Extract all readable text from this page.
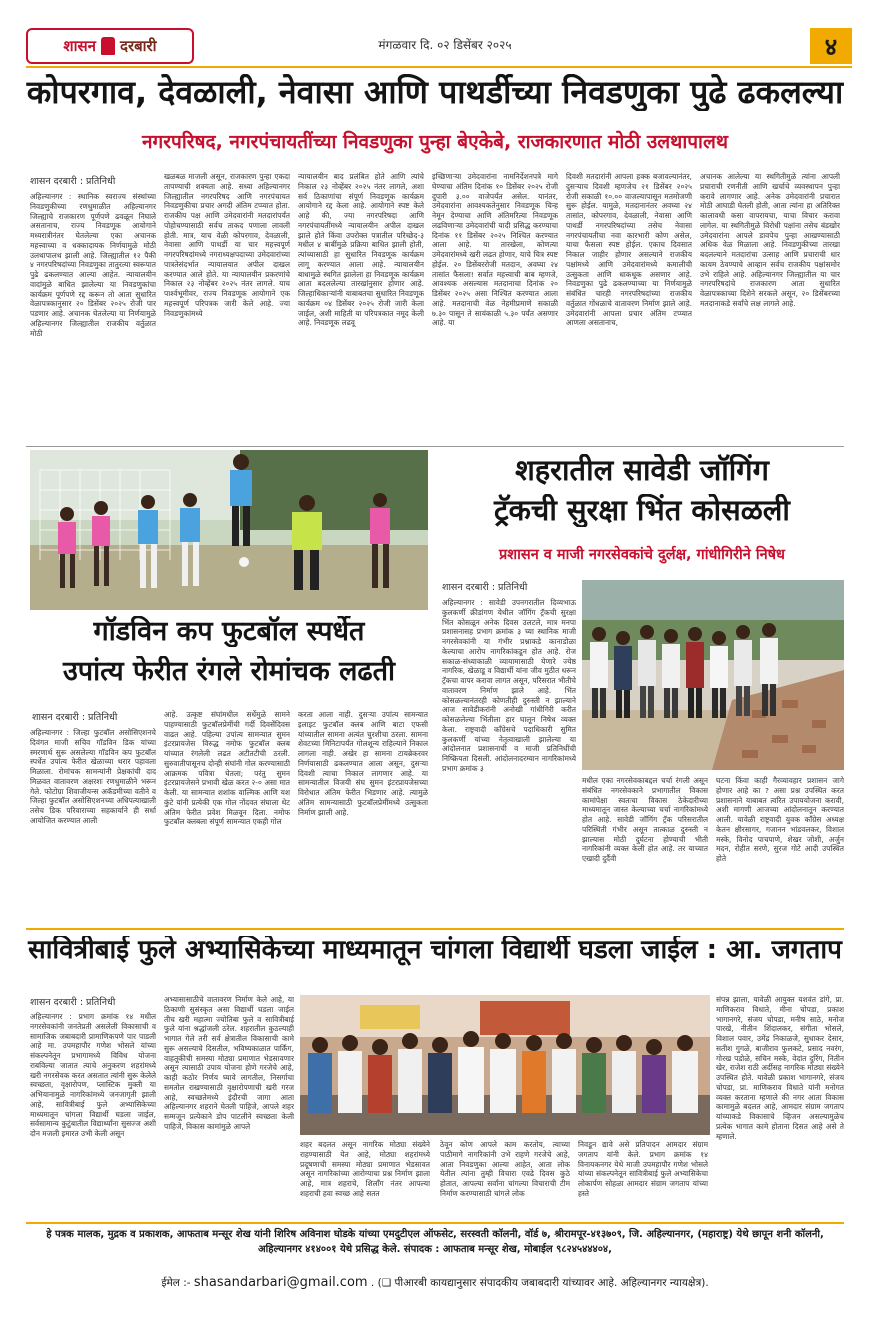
शासन दरबारी	मंगळवार दि. ०२ डिसेंबर २०२५	४
कोपरगाव, देवळाली, नेवासा आणि पाथर्डीच्या निवडणुका पुढे ढकलल्या
नगरपरिषद, नगरपंचायतींच्या निवडणुका पुन्हा बेएकेबे, राजकारणात मोठी उलथापालथ
शासन दरबारी : प्रतिनिधी
अहिल्यानगर : स्थानिक स्वराज्य संस्थांच्या निवडणुकीच्या रणधुमाळीत अहिल्यानगर जिल्ह्याचे राजकारण पूर्णपणे ढवळून निघाले असतानाच, राज्य निवडणूक आयोगाने मध्यरात्रीनंतर घेतलेल्या एका अचानक महत्त्वाच्या व धक्कादायक निर्णयामुळे मोठी उलथापालथ झाली आहे. जिल्ह्यातील १२ पैकी ४ नगरपरिषदांच्या निवडणुका तातुरत्या स्वरूपात पुढे ढकलण्यात आल्या आहेत. न्यायालयीन वादांमुळे बाधित झालेल्या या निवडणुकांचा कार्यक्रम पूर्णपणे रद्द करून तो आता सुधारित वेळापत्रकानुसार २० डिसेंबर २०२५ रोजी पार पडणार आहे. अचानक घेतलेल्या या निर्णयामुळे अहिल्यानगर जिल्ह्यातील राजकीय वर्तुळात मोठी
खळबळ माजली असून, राजकारण पुन्हा एकदा तापण्याची शक्यता आहे. सध्या अहिल्यानगर जिल्ह्यातील नगरपरिषद आणि नगरपंचायत निवडणुकीचा प्रचार अगदी अंतिम टप्प्यात होता. राजकीय पक्ष आणि उमेदवारांनी मतदारांपर्यंत पोहोचण्यासाठी सर्वच ताकद पणाला लावली होती. मात्र, याच वेळी कोपरगाव, देवळाली, नेवासा आणि पाथर्डी या चार महत्त्वपूर्ण नगरपरिषदांमध्ये नगराध्यक्षपदाच्या उमेदवारांच्या पात्रतेसंदर्भात न्यायालयात अपील दाखल करण्यात आले होते. या न्यायालयीन प्रकरणांचे निकाल २३ नोव्हेंबर २०२५ नंतर लागले. याच पार्श्वभूमीवर, राज्य निवडणूक आयोगाने एक महत्त्वपूर्ण परिपत्रक जारी केले आहे. ज्या निवडणुकांमध्ये
न्यायालयीन बाद प्रलंबित होते आणि त्यांचे निकाल २३ नोव्हेंबर २०२५ नंतर लागले, अशा सर्व ठिकाणांचा संपूर्ण निवडणूक कार्यक्रम आयोगाने रद्द केला आहे. आयोगाने स्पष्ट केले आहे की, ज्या नगरपरिषदा आणि नगरपंचायतींमध्ये न्यायालयीन अपील दाखल झाले होते किंवा उपरोक्त पत्रातील परिच्छेद-३ मधील ४ बाबींमुळे प्रक्रिया बाधित झाली होती, त्यांच्यासाठी हा सुधारित निवडणूक कार्यक्रम लागू करण्यात आला आहे. न्यायालयीन बाधामुळे स्थगित झालेला हा निवडणूक कार्यक्रम आता बदललेल्या तारखांनुसार होणार आहे. जिल्हाधिकाऱ्यांनी याबाबतचा सुधारित निवडणूक कार्यक्रम ०४ डिसेंबर २०२५ रोजी जारी केला जाईल, अशी माहिती या परिपत्रकात नमूद केली आहे. निवडणूक लढवू
इच्छिणाऱ्या उमेदवारांना नामनिर्देशनपत्रे मागे घेण्याचा अंतिम दिनांक १० डिसेंबर २०२५ रोजी दुपारी ३.०० वाजेपर्यंत असेल. यानंतर, उमेदवारांना आवश्यकतेनुसार निवडणूक चिन्ह नेमून देण्याचा आणि अंतिमरित्या निवडणूक लढविणाऱ्या उमेदवारांची यादी प्रसिद्ध करण्याचा दिनांक ११ डिसेंबर २०२५ निश्चित करण्यात आला आहे. या तारखेला, कोणत्या उमेदवारांमध्ये खरी लढत होणार, याचे चित्र स्पष्ट होईल. २० डिसेंबररोजी मतदान, अवघ्या २४ तासांत फैसला! सर्वात महत्त्वाची बाब म्हणजे, आवश्यक असल्यास मतदानाचा दिनांक २० डिसेंबर २०२५ असा निश्चित करण्यात आला आहे. मतदानाची वेळ नेहमीप्रमाणे सकाळी ७.३० पासून ते सायंकाळी ५.३० पर्यंत असणार आहे. या
दिवशी मतदारांनी आपला हक्क बजावल्यानंतर, दुसऱ्याच दिवशी म्हणजेच २१ डिसेंबर २०२५ रोजी सकाळी १०.०० वाजल्यापासून मतमोजणी सुरू होईल. यामुळे, मतदानानंतर अवघ्या २४ तासांत, कोपरगाव, देवळाली, नेवासा आणि पाथर्डी नगरपरिषदांच्या तसेच नेवासा नगरपंचायतीचा नवा कारभारी कोण असेल, याचा फैसला स्पष्ट होईल. एकाच दिवसात निकाल जाहीर होणार असल्याने राजकीय पक्षांमध्ये आणि उमेदवारांमध्ये कमालीची उत्सुकता आणि धाकधूक असणार आहे. निवडणुका पुढे ढकलण्याच्या या निर्णयामुळे संबंधित चारही नगरपरिषदांच्या राजकीय वर्तुळात गोंधळाचे वातावरण निर्माण झाले आहे. उमेदवारांनी आपला प्रचार अंतिम टप्प्यात आणला असतानाच,
अचानक आलेल्या या स्थगितीमुळे त्यांना आपली प्रचाराची रणनीती आणि खर्चाचे व्यवस्थापन पुन्हा करावे लागणार आहे. अनेक उमेदवारांनी प्रचारात मोठी आघाडी घेतली होती, आता त्यांना हा अतिरिक्त कालावधी कसा वापरायचा, याचा विचार करावा लागेल. या स्थगितीमुळे विरोधी पक्षांना तसेच बंडखोर उमेदवारांना आपले डावपेच पुन्हा आखण्यासाठी अधिक वेळ मिळाला आहे. निवडणुकीच्या तारखा बदलल्याने मतदारांचा उत्साह आणि प्रचाराची धार कायम ठेवण्याचे आव्हान सर्वच राजकीय पक्षांसमोर उभे राहिले आहे. अहिल्यानगर जिल्ह्यातील या चार नगरपरिषदांचे राजकारण आता सुधारित वेळापत्रकाच्या दिशेने सरकले असून, २० डिसेंबरच्या मतदानाकडे सर्वांचे लक्ष लागले आहे.
शहरातील सावेडी जॉगिंग
ट्रॅकची सुरक्षा भिंत कोसळली
प्रशासन व माजी नगरसेवकांचे दुर्लक्ष, गांधीगिरीने निषेध
शासन दरबारी : प्रतिनिधी
गॉडविन कप फुटबॉल स्पर्धेत
उपांत्य फेरीत रंगले रोमांचक लढती
शासन दरबारी : प्रतिनिधी
अहिल्यानगर : जिल्हा फुटबॉल असोसिएशनचे दिवंगत माजी सचिव गॉडविन डिक यांच्या स्मरणार्थ सुरू असलेल्या गॉडविन कप फुटबॉल स्पर्धेत उपांत्य फेरीत खेळाच्या थरार पहावला मिळाला. रोमांचक सामन्यांनी प्रेक्षकांची दाद मिळवत वातावरण अक्षरशः रणधुमाळीने भरून गेले. फोटोग्रा शिवाजीयन्स अकॅडमीच्या वतीने व जिल्हा फुटबॉल असोसिएशनच्या अधिपत्याखाली तसेच डिक परिवाराच्या सहकार्याने ही सर्धा आयोजित करण्यात आली
आहे. उत्कृष्ट संघांमधील सर्धेमुळे सामने पाहण्यासाठी फुटबॉलप्रेमींची गर्दी दिवसेंदिवस वाढत आहे. पहिल्या उपांत्य सामन्यात सुमन इंटरप्रायजेस विरुद्ध नमोफ फुटबॉल क्लब यांच्यात रंगलेली लढत अटीतटीची ठरली. सुरुवातीपासूनच दोन्ही संघांनी गोल करण्यासाठी आक्रमक पवित्रा घेतला; परंतु सुमन इंटरप्रायजेसने प्रभावी खेळ करत २-० असा मात केली. या सामन्यात शशांक वाल्मिक आणि यश कुंटे यांनी प्रत्येकी एक गोल नोंदवत संघाला थेट अंतिम फेरीत प्रवेश मिळवून दिला. नमोफ फुटबॉल क्लबला संपूर्ण सामन्यात एकही गोल
करता आला नाही. दुसऱ्या उपांत्य सामन्यात इलाइट फुटबॉल क्लब आणि बाटा एफसी यांच्यातील सामना अत्यंत चुरशीचा ठरला. सामना शेवटच्या मिनिटापर्यंत गोलशून्य राहिल्याने निकाल लागला नाही. अखेर हा सामना टायब्रेकरवर निर्णयासाठी ढकलण्यात आला असून, दुसऱ्या दिवशी त्याचा निकाल लागणार आहे. या सामन्यातील विजयी संघ सुमन इंटरप्रायजेसच्या विरोधात अंतिम फेरीत भिडणार आहे. त्यामुळे अंतिम सामन्यासाठी फुटबॉलप्रेमींमध्ये उत्सुकता निर्माण झाली आहे.
अहिल्यानगर : सावेडी उपनगरातील दिव्यभाऊ कुलकर्णी क्रीडांगण येथील जॉगिंग ट्रॅकची सुरक्षा भिंत कोसळून अनेक दिवस उलटले, मात्र मनपा प्रशासनासह प्रभाग क्रमांक ३ च्या स्थानिक माजी नगरसेवकांनी या गंभीर प्रश्नाकडे कानाडोळा केल्याचा आरोप नागरिकांकडून होत आहे. रोज सकाळ-संध्याकाळी व्यायामासाठी येणारे ज्येष्ठ नागरिक, खेळाडू व विद्यार्थी यांना जीव मुठीत धरून ट्रॅकचा वापर करावा लागत असून, परिसरात भीतीचे वातावरण निर्माण झाले आहे. भिंत कोसळल्यानंतरही कोणतीही दुरुस्ती न झाल्याने आज सावेडीकरांनी अनोखी गांधीगिरी करीत कोसळलेल्या भिंतीला हार घालून निषेध व्यक्त केला. राष्ट्रवादी काँग्रेसचे पदाधिकारी सुमित कुलकर्णी यांच्या नेतृत्वाखाली झालेल्या या आंदोलनात प्रशासनाची व माजी प्रतिनिधींची निष्क्रियता दिसली. आंदोलनादरम्यान नागरिकांमध्ये प्रभाग क्रमांक ३
मधील एका नगरसेवकाबद्दल चर्चा रंगली असून संबंधित नगरसेवकाने प्रभागातील विकास कामांपेक्षा स्वतःचा विकास ठेकेदारीच्या माध्यमातून जास्त केल्याच्या चर्चा नागरिकांमध्ये होत आहे. सावेडी जॉगिंग ट्रॅक परिसरातील परिस्थिती गंभीर असून तात्काळ दुरुस्ती न झाल्यास मोठी दुर्घटना होण्याची भीती नागरिकांनी व्यक्त केली होत आहे. तर याच्यात एखादी दुर्दैवी
घटना किंवा काही गैरव्यावहार प्रशासन जागे होणार आहे का ? असा प्रश्न उपस्थित करत प्रशासनाने याबाबत त्वरित उपाययोजना करावी, अशी मागणी आजच्या आंदोलनातून करण्यात आली. यावेळी राष्ट्रवादी युवक काँग्रेस अध्यक्ष केतन क्षीरसागर, गजानन भांडवलकर, विशाल मस्के, विनोद पाचपाणे, शेखर जोशी, अर्जुन मदन, रोहीत सरणे, सुरज गोटे आदी उपस्थित होते
सावित्रीबाई फुले अभ्यासिकेच्या माध्यमातून चांगला विद्यार्थी घडला जाईल : आ. जगताप
शासन दरबारी : प्रतिनिधी
अहिल्यानगर : प्रभाग क्रमांक १४ मधील नगरसेवकांनी जनतेप्रती असलेली विकासाची व सामाजिक जबाबदारी प्रामाणिकपणे पार पाडली आहे मा. उपमहापौर गणेश भोसले यांच्या संकल्पनेतून प्रभागामध्ये विविध योजना राबविल्या जातात त्याचे अनुकरण शहरांमध्ये खरी नगरसेवक करत असतात त्यांनी सुरू केलेले स्वच्छता, वृक्षारोपण, प्लास्टिक मुक्ती या अभियानामुळे नागरिकांमध्ये जनजागृती झाली आहे, सावित्रीबाई फुले अभ्यासिकेच्या माध्यमातून चांगला विद्यार्थी घडला जाईल, सर्वसामान्य कुटुंबातील विद्यार्थ्यांना सुसज्ज अशी दोन मजली इमारत उभी केली असून
अभ्यासासाठीचे वातावरण निर्माण केले आहे, या ठिकाणी सुसंस्कृत असा विद्यार्थी घडला जाईल तीच खरी महात्मा ज्योतिबा फुले व सावित्रीबाई फुले यांना श्रद्धांजली ठरेल. शहरातील कुठल्याही भागात गेले तरी सर्व क्षेत्रातील विकासाची कामे सुरू असल्याचे दिसतील, भविष्यकाळात पार्किंग, वाहतूकीची समस्या मोठ्या प्रमाणात भेडसावणार असून त्यासाठी उपाय योजना होणे गरजेचे आहे, काही कठोर निर्णय घ्यावे लागतील, निसर्गाचा समतोल राखण्यासाठी वृक्षारोपणाची खरी गरज आहे, स्वच्छतेमध्ये इंदौरची जागा आता अहिल्यानगर शहराने घेतली पाहिजे, आपले शहर सम्मजून प्रत्येकाने डोप पाटलीने स्वच्छता केली पाहिजे, विकास कामांमुळे आपले
शहर बदलत असून नागरिक मोठ्या संख्येने राहण्यासाठी येत आहे, मोठ्या शहरांमध्ये प्रदूषणाची समस्या मोठ्या प्रमाणात भेडसावत असून नागरिकांच्या आरोग्याचा प्रश्न निर्माण झाला आहे, मात्र शहराचे, शिलाँग नंतर आपल्या शहराची हवा स्वच्छ आहे सतत
ठेवून कोण आपले काम करतोय, त्याच्या पाठीमागे नागरिकांनी उभे राहणे गरजेचे आहे, आता निवडणुका आल्या आहेत, आता लोक येतील त्यांना तुम्ही विचारा एवढे दिवस कुठे होतात, आपल्या सर्वांना चांगल्या विचाराची टीम निर्माण करण्यासाठी चांगले लोक
निवडून द्यावे असे प्रतिपादन आमदार संग्राम जगताप यांनी केले. प्रभाग क्रमांक १४ विनायकनगर येथे माजी उपमहापौर गणेश भोसले यांच्या संकल्पनेतून सावित्रीबाई फुले अभ्यासिकेचा लोकार्पण सोहळा आमदार संग्राम जगताप यांच्या हस्ते
संपन्न झाला, यावेळी आयुक्त यशवंत डांगे, प्रा. माणिकराव विधाते, मीना चोपडा, प्रकाश भागानगरे, संजय चोपडा, मनीष साठे, मनोज पारखे, नीतीन शिंदालकर, संगीता भोसले, विशाल पवार, उमेंद्र निकाळजे, सुधाकर देसार, सतीश गुगळे, बाजीराव फुलकटे, प्रसाद नवरंग, गोरख पडोळे, सचिन मस्के, वेदांत दुरिंग, नितीन खेर, राजेश राठी अर्दीसह नागरिक मोठ्या संख्येने उपस्थित होते. यावेळी प्रकाश भागानगरे, संजय चोपडा, प्रा. माणिकराव विधाते यांनी मनोगत व्यक्त करताना म्हणाले की नगर आता विकास कामामुळे बदलत आहे, आमदार संग्राम जगताप यांच्याकडे विकासाचे व्हिजन असल्यामुळेच प्रत्येक भागात कामे होताना दिसत आहे असे ते म्हणाले.
हे पत्रक मालक, मुद्रक व प्रकाशक, आफताब मन्सूर शेख यांनी शिरिष अविनाश घोडके यांच्या एमदुटीएल ऑफसेट, सरस्वती कॉलनी, वॉर्ड ७, श्रीरामपूर-४१३७०९, जि. अहिल्यानगर, (महाराष्ट्र) येथे छापून शनी कॉलनी, अहिल्यानगर ४१४००१ येथे प्रसिद्ध केले. संपादक : आफताब मन्सूर शेख, मोबाईल ९८२४५४४४०४,
ईमेल :- shasandarbari@gmail.com . (❏ पीआरबी कायद्यानुसार संपादकीय जबाबदारी यांच्यावर आहे. अहिल्यानगर न्यायक्षेत्र).
